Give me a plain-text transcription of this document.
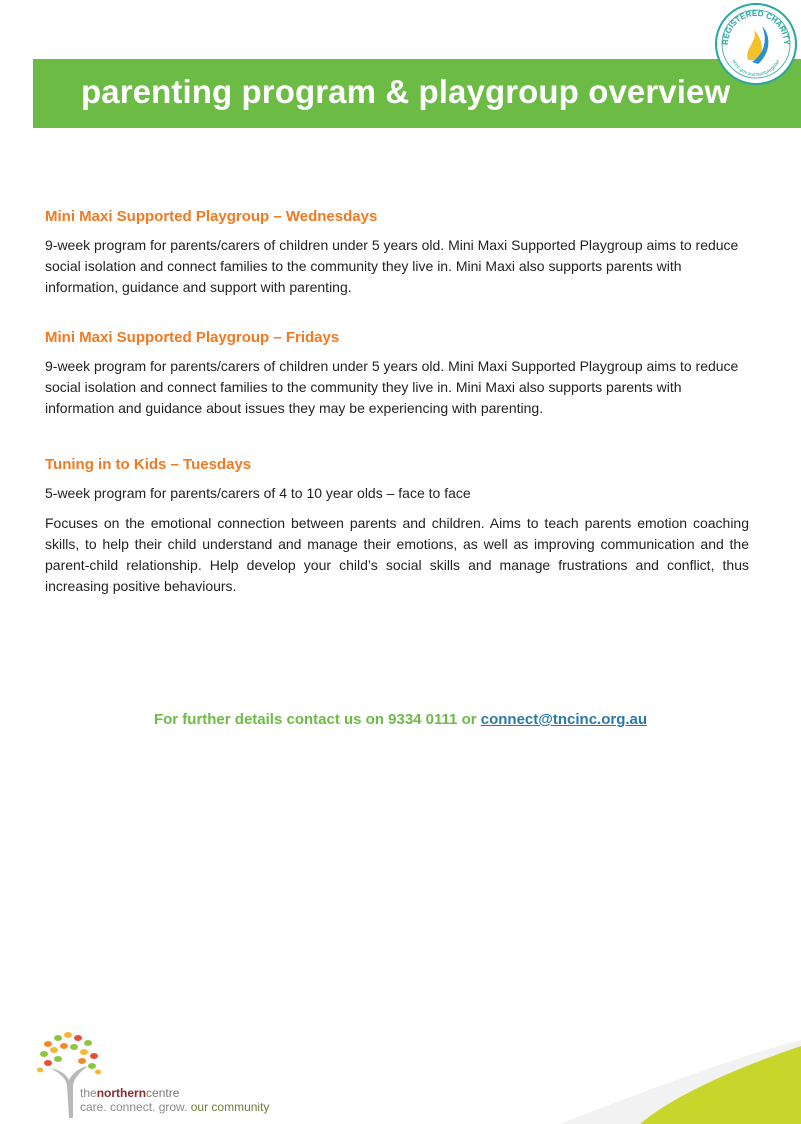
parenting program & playgroup overview
REGISTERED CHARITY
acnc.gov.au/charityregister
Mini Maxi Supported Playgroup – Wednesdays

9-week program for parents/carers of children under 5 years old. Mini Maxi Supported Playgroup aims to reduce social isolation and connect families to the community they live in. Mini Maxi also supports parents with information, guidance and support with parenting.

Mini Maxi Supported Playgroup – Fridays

9-week program for parents/carers of children under 5 years old. Mini Maxi Supported Playgroup aims to reduce social isolation and connect families to the community they live in. Mini Maxi also supports parents with information and guidance about issues they may be experiencing with parenting.

Tuning in to Kids – Tuesdays

5-week program for parents/carers of 4 to 10 year olds – face to face

Focuses on the emotional connection between parents and children. Aims to teach parents emotion coaching skills, to help their child understand and manage their emotions, as well as improving communication and the parent-child relationship. Help develop your child’s social skills and manage frustrations and conflict, thus increasing positive behaviours.

For further details contact us on 9334 0111 or connect@tncinc.org.au
thenortherncentre
care. connect. grow. our community
